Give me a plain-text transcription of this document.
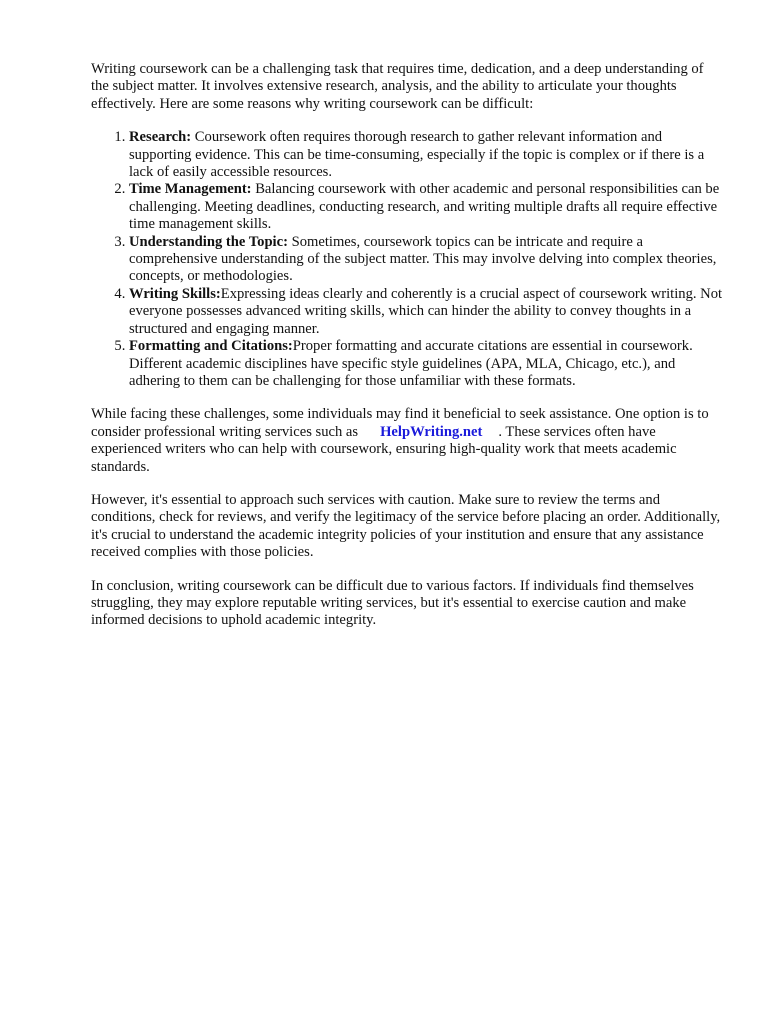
Writing coursework can be a challenging task that requires time, dedication, and a deep understanding of the subject matter. It involves extensive research, analysis, and the ability to articulate your thoughts effectively. Here are some reasons why writing coursework can be difficult:

1. Research: Coursework often requires thorough research to gather relevant information and supporting evidence. This can be time-consuming, especially if the topic is complex or if there is a lack of easily accessible resources.
2. Time Management: Balancing coursework with other academic and personal responsibilities can be challenging. Meeting deadlines, conducting research, and writing multiple drafts all require effective time management skills.
3. Understanding the Topic: Sometimes, coursework topics can be intricate and require a comprehensive understanding of the subject matter. This may involve delving into complex theories, concepts, or methodologies.
4. Writing Skills:Expressing ideas clearly and coherently is a crucial aspect of coursework writing. Not everyone possesses advanced writing skills, which can hinder the ability to convey thoughts in a structured and engaging manner.
5. Formatting and Citations:Proper formatting and accurate citations are essential in coursework. Different academic disciplines have specific style guidelines (APA, MLA, Chicago, etc.), and adhering to them can be challenging for those unfamiliar with these formats.

While facing these challenges, some individuals may find it beneficial to seek assistance. One option is to consider professional writing services such as HelpWriting.net . These services often have experienced writers who can help with coursework, ensuring high-quality work that meets academic standards.

However, it's essential to approach such services with caution. Make sure to review the terms and conditions, check for reviews, and verify the legitimacy of the service before placing an order. Additionally, it's crucial to understand the academic integrity policies of your institution and ensure that any assistance received complies with those policies.

In conclusion, writing coursework can be difficult due to various factors. If individuals find themselves struggling, they may explore reputable writing services, but it's essential to exercise caution and make informed decisions to uphold academic integrity.
